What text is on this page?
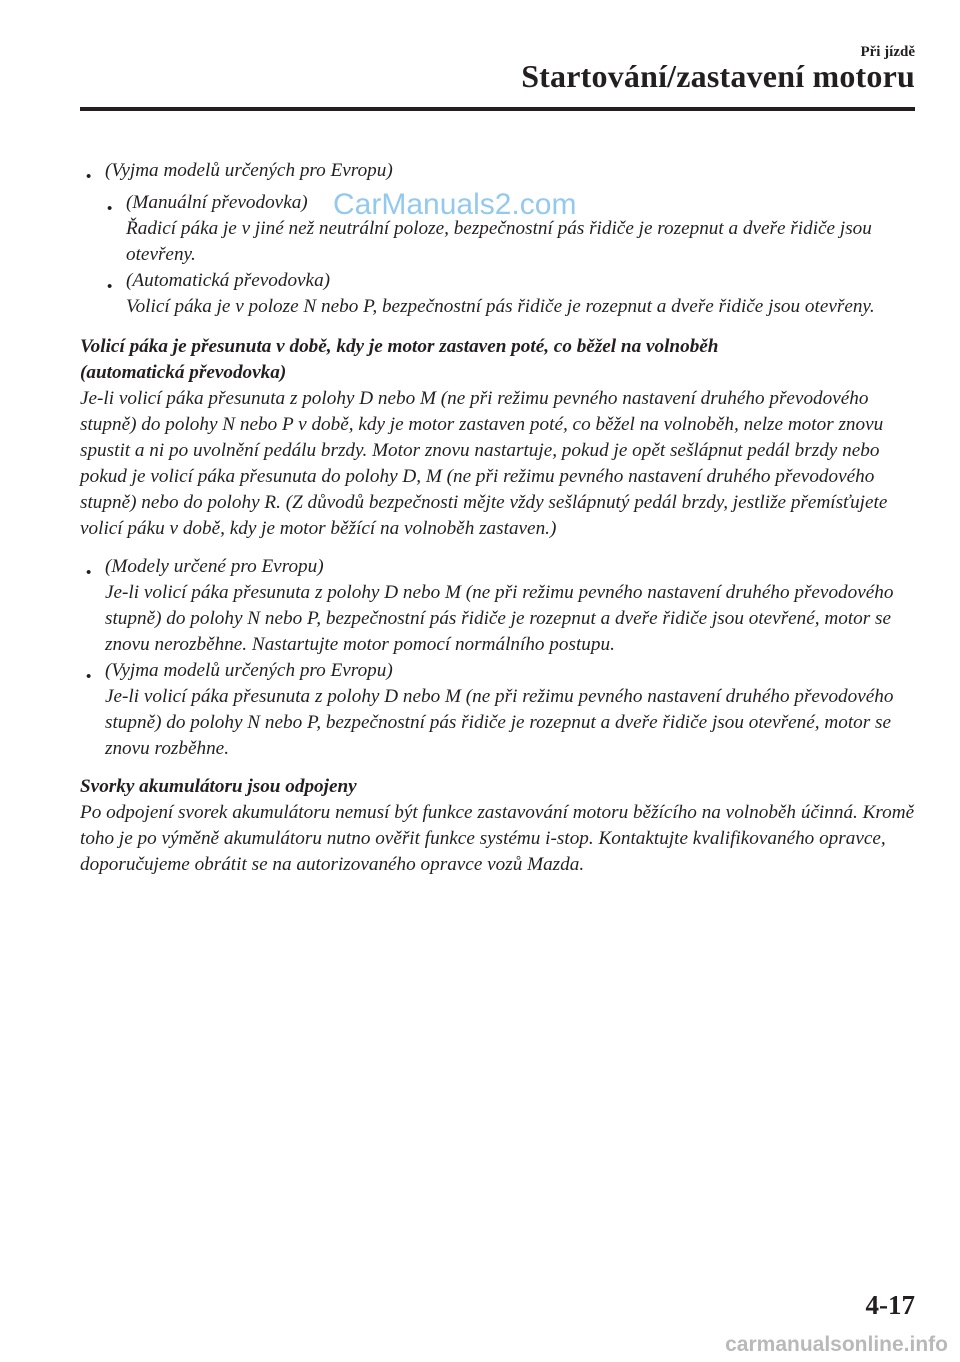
Při jízdě
Startování/zastavení motoru

• (Vyjma modelů určených pro Evropu)

• (Manuální převodovka)
Řadicí páka je v jiné než neutrální poloze, bezpečnostní pás řidiče je rozepnut a dveře řidiče jsou otevřeny.

• (Automatická převodovka)
Volicí páka je v poloze N nebo P, bezpečnostní pás řidiče je rozepnut a dveře řidiče jsou otevřeny.

Volicí páka je přesunuta v době, kdy je motor zastaven poté, co běžel na volnoběh
(automatická převodovka)

Je-li volicí páka přesunuta z polohy D nebo M (ne při režimu pevného nastavení druhého převodového stupně) do polohy N nebo P v době, kdy je motor zastaven poté, co běžel na volnoběh, nelze motor znovu spustit a ni po uvolnění pedálu brzdy. Motor znovu nastartuje, pokud je opět sešlápnut pedál brzdy nebo pokud je volicí páka přesunuta do polohy D, M (ne při režimu pevného nastavení druhého převodového stupně) nebo do polohy R. (Z důvodů bezpečnosti mějte vždy sešlápnutý pedál brzdy, jestliže přemísťujete volicí páku v době, kdy je motor běžící na volnoběh zastaven.)

• (Modely určené pro Evropu)
Je-li volicí páka přesunuta z polohy D nebo M (ne při režimu pevného nastavení druhého převodového stupně) do polohy N nebo P, bezpečnostní pás řidiče je rozepnut a dveře řidiče jsou otevřené, motor se znovu nerozběhne. Nastartujte motor pomocí normálního postupu.

• (Vyjma modelů určených pro Evropu)
Je-li volicí páka přesunuta z polohy D nebo M (ne při režimu pevného nastavení druhého převodového stupně) do polohy N nebo P, bezpečnostní pás řidiče je rozepnut a dveře řidiče jsou otevřené, motor se znovu rozběhne.

Svorky akumulátoru jsou odpojeny

Po odpojení svorek akumulátoru nemusí být funkce zastavování motoru běžícího na volnoběh účinná. Kromě toho je po výměně akumulátoru nutno ověřit funkce systému i-stop. Kontaktujte kvalifikovaného opravce, doporučujeme obrátit se na autorizovaného opravce vozů Mazda.

CarManuals2.com
4-17
carmanualsonline.info
